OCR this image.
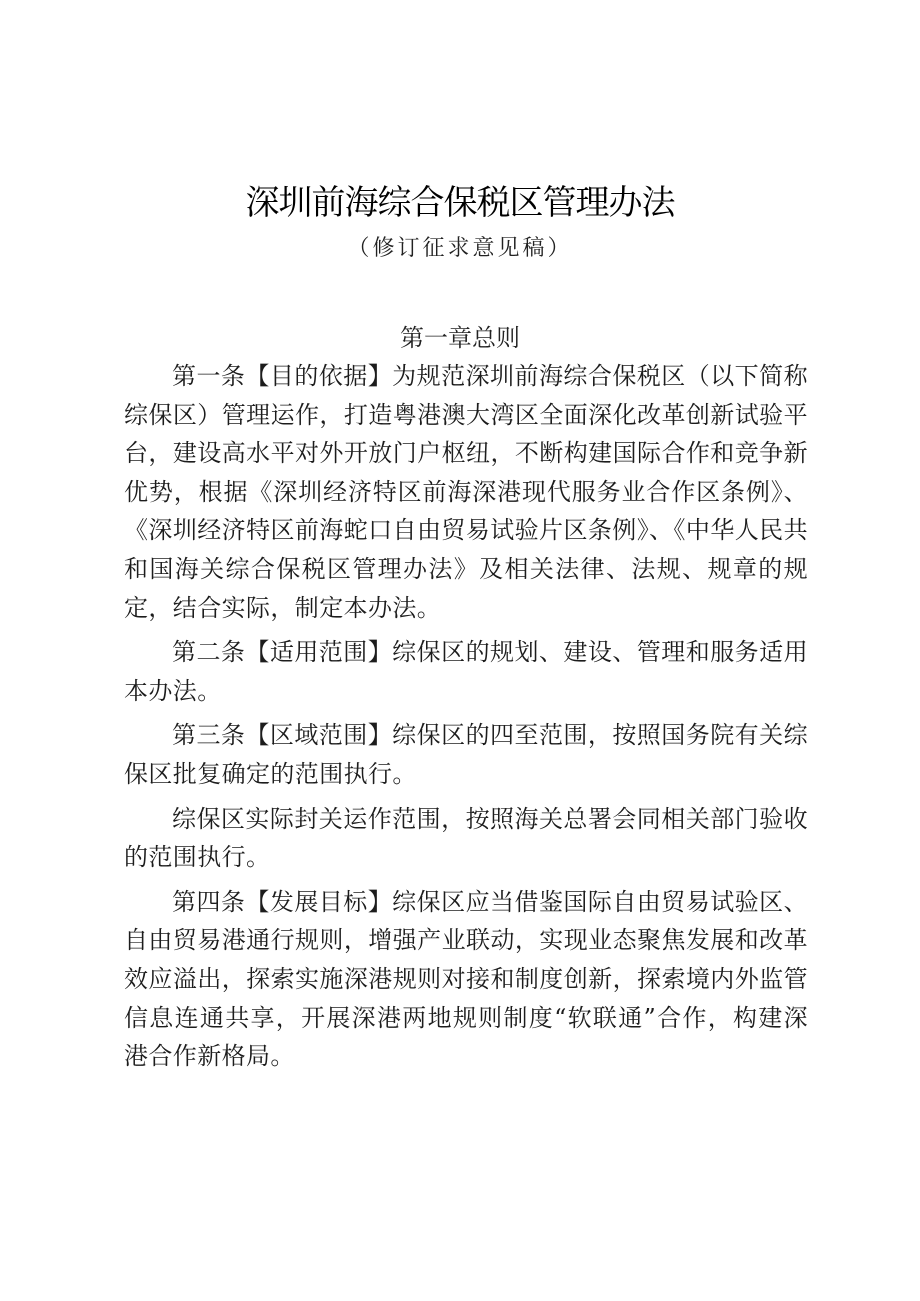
深圳前海综合保税区管理办法
（修订征求意见稿）
第一章总则

第一条【目的依据】为规范深圳前海综合保税区（以下简称综保区）管理运作，打造粤港澳大湾区全面深化改革创新试验平台，建设高水平对外开放门户枢纽，不断构建国际合作和竞争新优势，根据《深圳经济特区前海深港现代服务业合作区条例》、《深圳经济特区前海蛇口自由贸易试验片区条例》、《中华人民共和国海关综合保税区管理办法》及相关法律、法规、规章的规定，结合实际，制定本办法。

第二条【适用范围】综保区的规划、建设、管理和服务适用本办法。

第三条【区域范围】综保区的四至范围，按照国务院有关综保区批复确定的范围执行。

综保区实际封关运作范围，按照海关总署会同相关部门验收的范围执行。

第四条【发展目标】综保区应当借鉴国际自由贸易试验区、自由贸易港通行规则，增强产业联动，实现业态聚焦发展和改革效应溢出，探索实施深港规则对接和制度创新，探索境内外监管信息连通共享，开展深港两地规则制度“软联通”合作，构建深港合作新格局。
